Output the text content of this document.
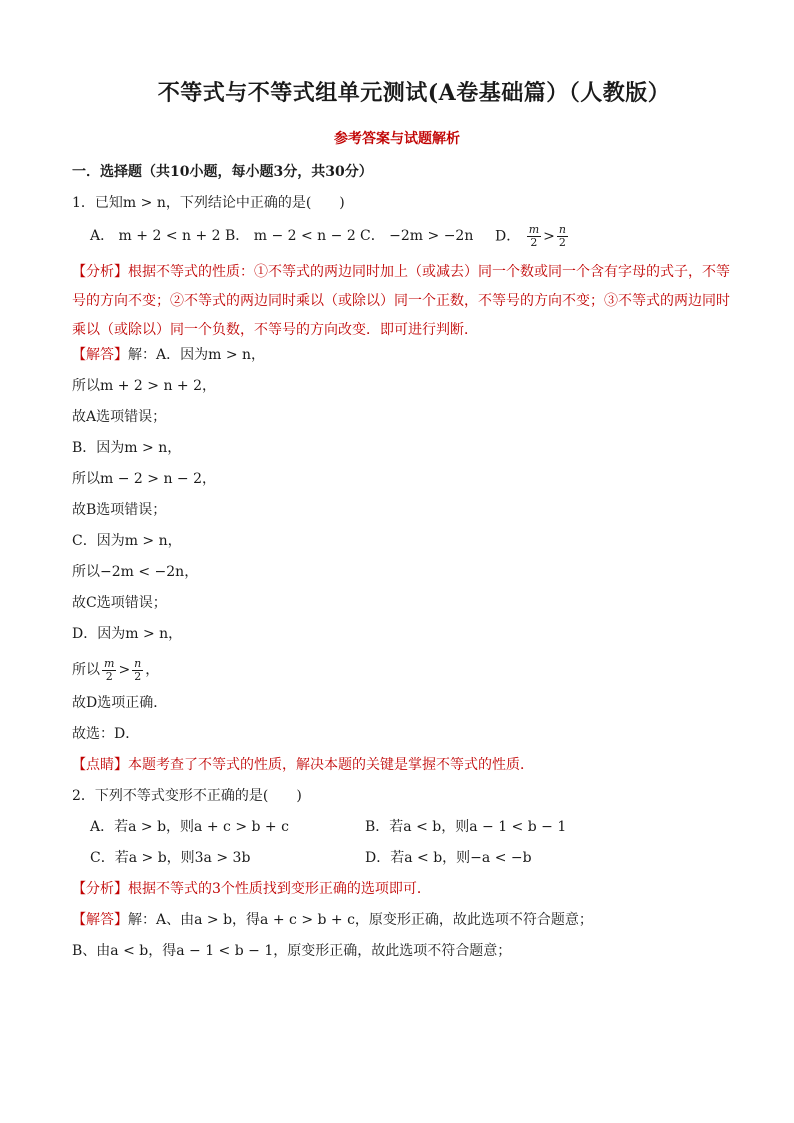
不等式与不等式组单元测试(A卷基础篇）（人教版）
参考答案与试题解析
一．选择题（共10小题，每小题3分，共30分）
1．已知m > n，下列结论中正确的是(　　)
A． m + 2 < n + 2 B． m − 2 < n − 2 C． −2m > −2n	D． $\frac{m}{2} > \frac{n}{2}$
【分析】根据不等式的性质：①不等式的两边同时加上（或减去）同一个数或同一个含有字母的式子，不等号的方向不变；②不等式的两边同时乘以（或除以）同一个正数，不等号的方向不变；③不等式的两边同时乘以（或除以）同一个负数，不等号的方向改变．即可进行判断．
【解答】解：A．因为m > n，
所以m + 2 > n + 2，
故A选项错误；
B．因为m > n，
所以m − 2 > n − 2，
故B选项错误；
C．因为m > n，
所以−2m < −2n，
故C选项错误；
D．因为m > n，
所以 $\frac{m}{2} > \frac{n}{2}$ ，
故D选项正确．
故选：D．
【点睛】本题考查了不等式的性质，解决本题的关键是掌握不等式的性质．
2．下列不等式变形不正确的是(　　)
A．若a > b，则a + c > b + c	B．若a < b，则a − 1 < b − 1
C．若a > b，则3a > 3b	D．若a < b，则−a < −b
【分析】根据不等式的3个性质找到变形正确的选项即可．
【解答】解：A、由a > b，得a + c > b + c，原变形正确，故此选项不符合题意；
B、由a < b，得a − 1 < b − 1，原变形正确，故此选项不符合题意；
